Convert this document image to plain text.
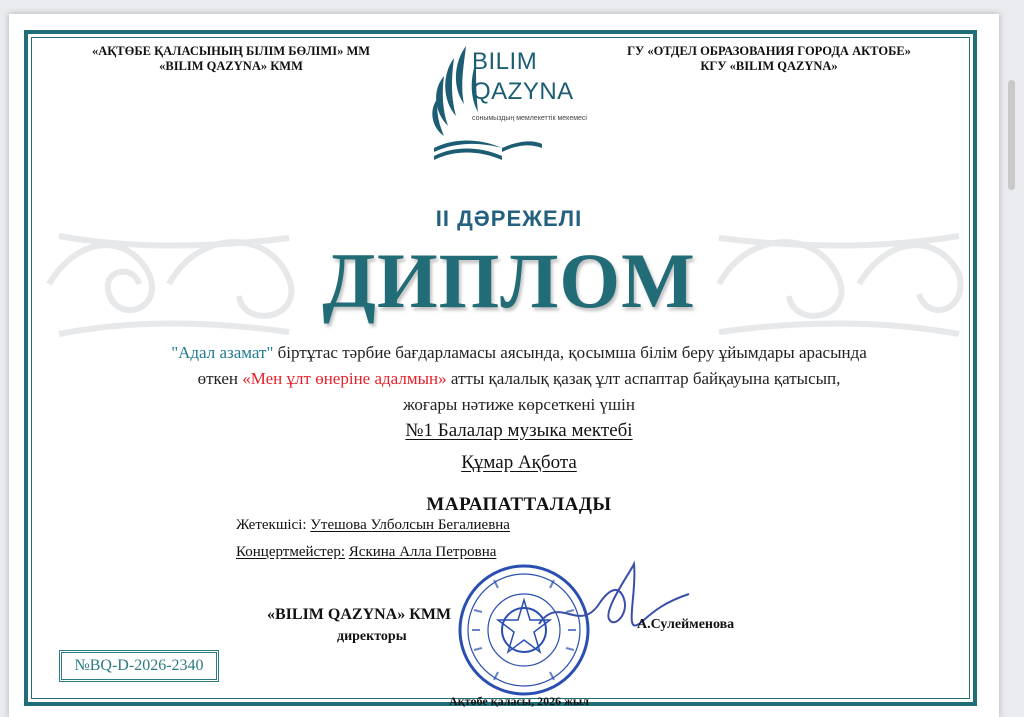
«АҚТӨБЕ ҚАЛАСЫНЫҢ БІЛІМ БӨЛІМІ» ММ
«BILIM QAZYNA» КММ
ГУ «ОТДЕЛ ОБРАЗОВАНИЯ ГОРОДА АКТОБЕ»
КГУ «BILIM QAZYNA»
BILIM
QAZYNA
сонымыздың мемлекеттік мекемесі
II ДӘРЕЖЕЛІ
ДИПЛОМ
"Адал азамат" біртұтас тәрбие бағдарламасы аясында, қосымша білім беру ұйымдары арасында өткен «Мен ұлт өнеріне адалмын» атты қалалық қазақ ұлт аспаптар байқауына қатысып, жоғары нәтиже көрсеткені үшін
№1 Балалар музыка мектебі
Құмар Ақбота
МАРАПАТТАЛАДЫ
Жетекшісі: Утешова Улболсын Бегалиевна
Концертмейстер: Яскина Алла Петровна
«BILIM QAZYNA» КММ
директоры
А.Сулейменова
Ақтөбе қаласы, 2026 жыл
№BQ-D-2026-2340
